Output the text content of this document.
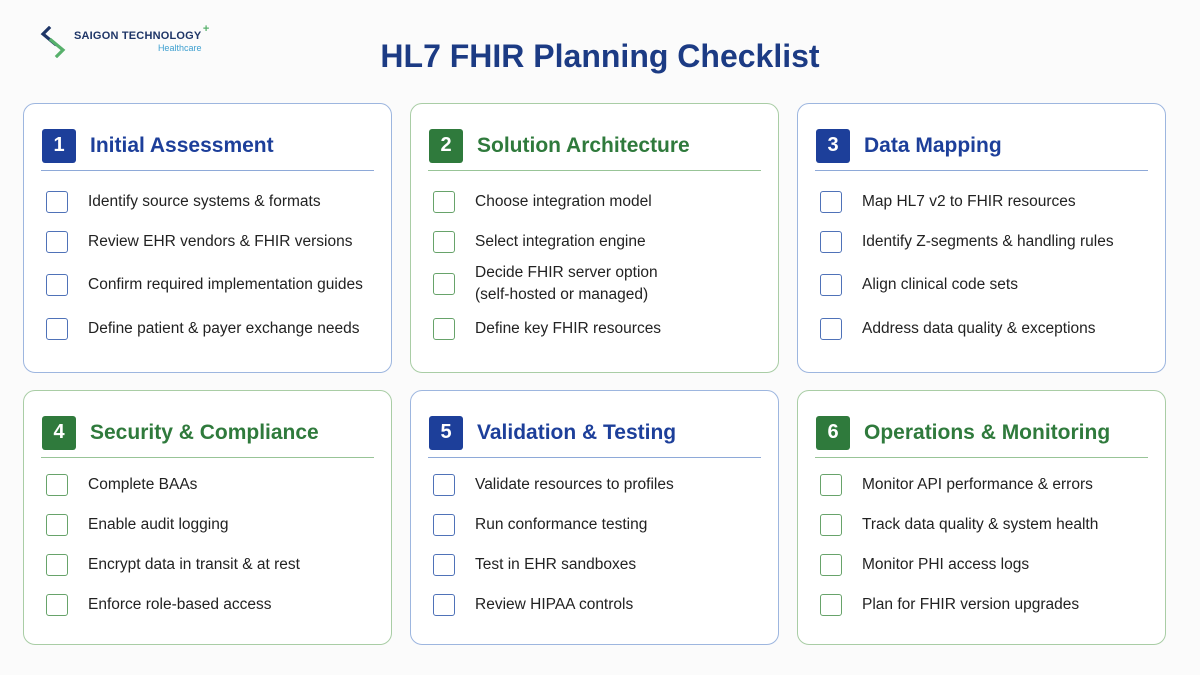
SAIGON TECHNOLOGY
+
Healthcare	HL7 FHIR Planning Checklist
1	Initial Assessment
Identify source systems & formats
Review EHR vendors & FHIR versions
Confirm required implementation guides
Define patient & payer exchange needs
2	Solution Architecture
Choose integration model
Select integration engine
Decide FHIR server option
(self-hosted or managed)
Define key FHIR resources
3	Data Mapping
Map HL7 v2 to FHIR resources
Identify Z-segments & handling rules
Align clinical code sets
Address data quality & exceptions
4	Security & Compliance
Complete BAAs
Enable audit logging
Encrypt data in transit & at rest
Enforce role-based access
5	Validation & Testing
Validate resources to profiles
Run conformance testing
Test in EHR sandboxes
Review HIPAA controls
6	Operations & Monitoring
Monitor API performance & errors
Track data quality & system health
Monitor PHI access logs
Plan for FHIR version upgrades
